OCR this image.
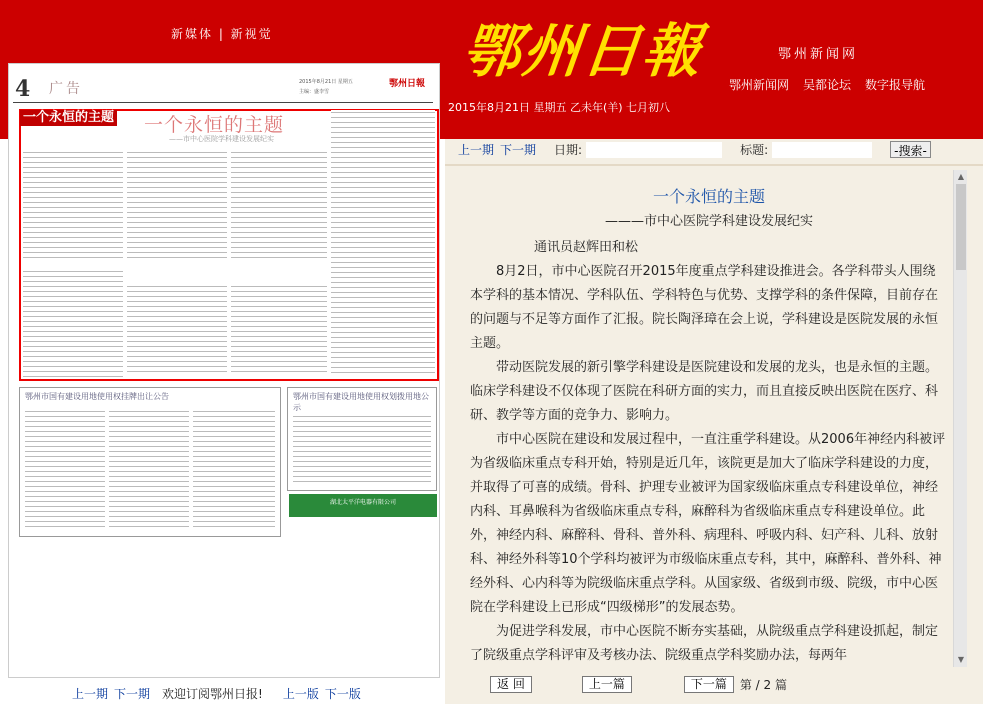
新媒体 | 新视觉	鄂州日報	鄂州新闻网
鄂州新闻网 吴都论坛 数字报导航
2015年8月21日 星期五 乙未年(羊) 七月初八
4 广告	2015年8月21日 星期五
主编：盛李雪
鄂州日報
一个永恒的主题 一个永恒的主题
——市中心医院学科建设发展纪实
鄂州市国有建设用地使用权挂牌出让公告	鄂州市国有建设用地使用权划拨用地公示
湖北太平洋电器有限公司
上一期 下一期 欢迎订阅鄂州日报! 上一版 下一版
上一期 下一期 日期:	标题:	-搜索-
一个永恒的主题
———市中心医院学科建设发展纪实

通讯员赵辉田和松

8月2日，市中心医院召开2015年度重点学科建设推进会。各学科带头人围绕本学科的基本情况、学科队伍、学科特色与优势、支撑学科的条件保障，目前存在的问题与不足等方面作了汇报。院长陶泽璋在会上说，学科建设是医院发展的永恒主题。

带动医院发展的新引擎学科建设是医院建设和发展的龙头，也是永恒的主题。临床学科建设不仅体现了医院在科研方面的实力，而且直接反映出医院在医疗、科研、教学等方面的竞争力、影响力。

市中心医院在建设和发展过程中，一直注重学科建设。从2006年神经内科被评为省级临床重点专科开始，特别是近几年，该院更是加大了临床学科建设的力度，并取得了可喜的成绩。骨科、护理专业被评为国家级临床重点专科建设单位，神经内科、耳鼻喉科为省级临床重点专科，麻醉科为省级临床重点专科建设单位。此外，神经内科、麻醉科、骨科、普外科、病理科、呼吸内科、妇产科、儿科、放射科、神经外科等10个学科均被评为市级临床重点专科，其中，麻醉科、普外科、神经外科、心内科等为院级临床重点学科。从国家级、省级到市级、院级，市中心医院在学科建设上已形成“四级梯形”的发展态势。

为促进学科发展，市中心医院不断夯实基础，从院级重点学科建设抓起，制定了院级重点学科评审及考核办法、院级重点学科奖励办法，每两年

▲
▼
返 回	上一篇	下一篇	第 / 2 篇
